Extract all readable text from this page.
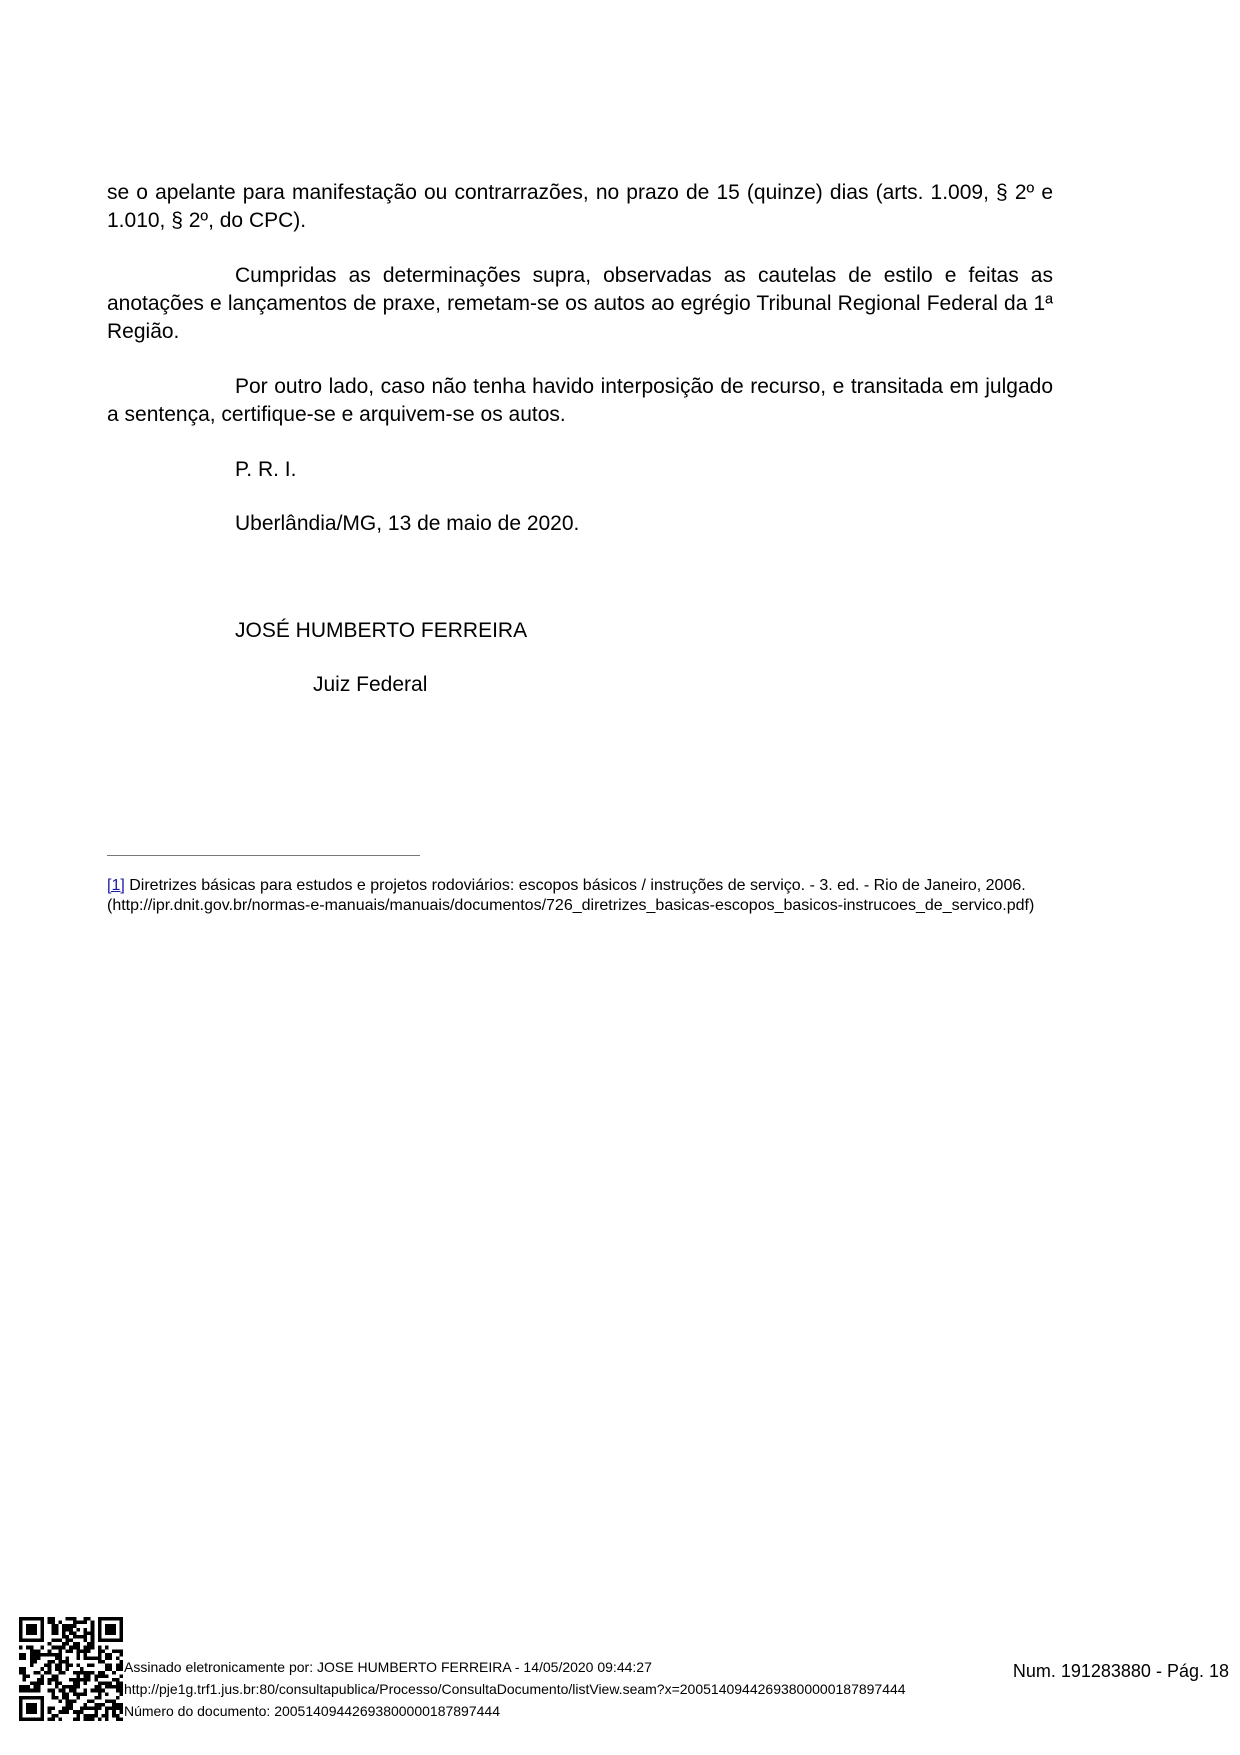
se o apelante para manifestação ou contrarrazões, no prazo de 15 (quinze) dias (arts. 1.009, § 2º e 1.010, § 2º, do CPC).

Cumpridas as determinações supra, observadas as cautelas de estilo e feitas as anotações e lançamentos de praxe, remetam-se os autos ao egrégio Tribunal Regional Federal da 1ª Região.

Por outro lado, caso não tenha havido interposição de recurso, e transitada em julgado a sentença, certifique-se e arquivem-se os autos.

P. R. I.

Uberlândia/MG, 13 de maio de 2020.

JOSÉ HUMBERTO FERREIRA

Juiz Federal

[1] Diretrizes básicas para estudos e projetos rodoviários: escopos básicos / instruções de serviço. - 3. ed. - Rio de Janeiro, 2006.
(http://ipr.dnit.gov.br/normas-e-manuais/manuais/documentos/726_diretrizes_basicas-escopos_basicos-instrucoes_de_servico.pdf)

Assinado eletronicamente por: JOSE HUMBERTO FERREIRA - 14/05/2020 09:44:27

http://pje1g.trf1.jus.br:80/consultapublica/Processo/ConsultaDocumento/listView.seam?x=20051409442693800000187897444

Número do documento: 20051409442693800000187897444

Num. 191283880 - Pág. 18
